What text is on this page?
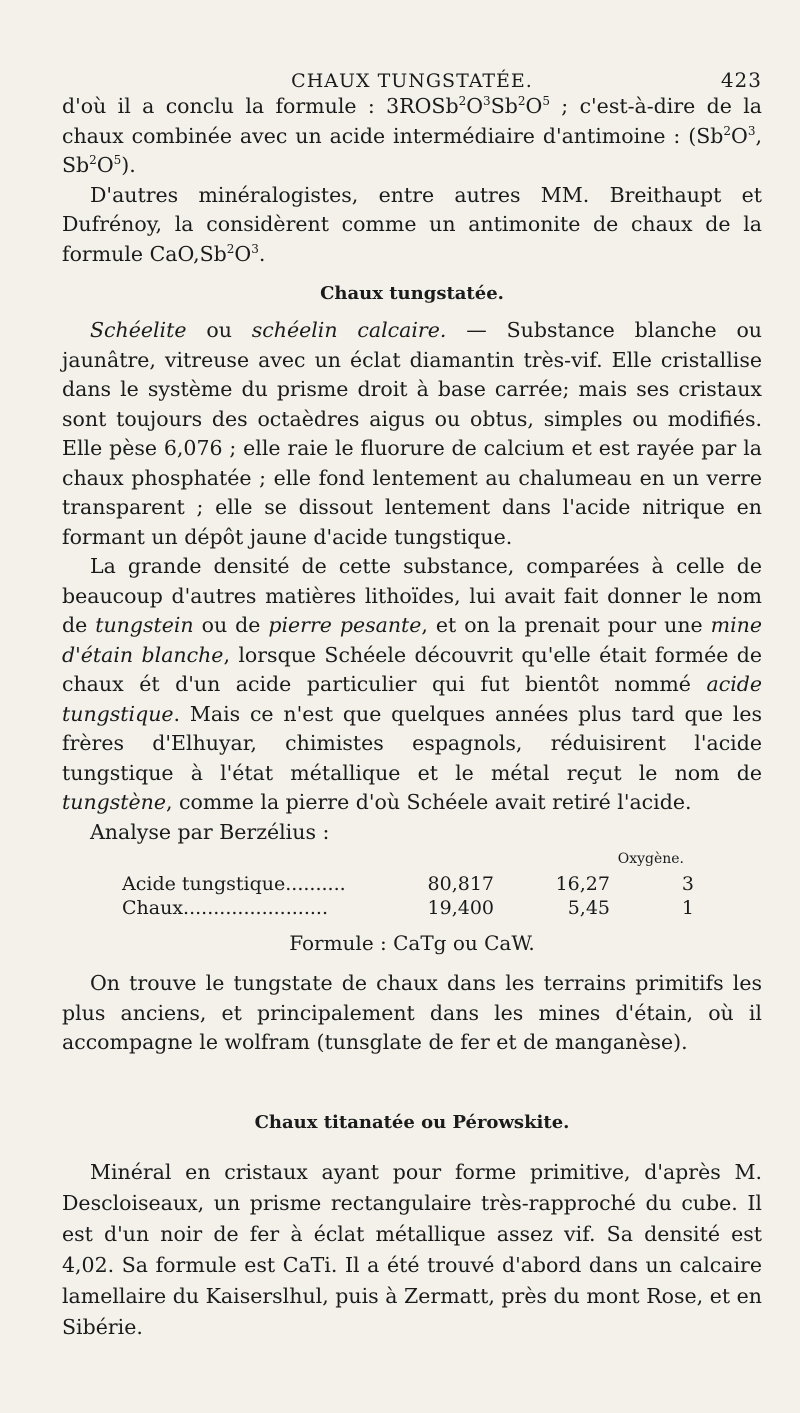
CHAUX TUNGSTATÉE.	423

d'où il a conclu la formule : $3ROSb^2O^3Sb^2O^5$ ; c'est-à-dire de la chaux combinée avec un acide intermédiaire d'antimoine : ($Sb^2O^3$, $Sb^2O^5$).

D'autres minéralogistes, entre autres MM. Breithaupt et Dufrénoy, la considèrent comme un antimonite de chaux de la formule $CaO,Sb^2O^3$.

Chaux tungstatée.

Schéelite ou schéelin calcaire. — Substance blanche ou jaunâtre, vitreuse avec un éclat diamantin très-vif. Elle cristallise dans le système du prisme droit à base carrée; mais ses cristaux sont toujours des octaèdres aigus ou obtus, simples ou modifiés. Elle pèse 6,076 ; elle raie le fluorure de calcium et est rayée par la chaux phosphatée ; elle fond lentement au chalumeau en un verre transparent ; elle se dissout lentement dans l'acide nitrique en formant un dépôt jaune d'acide tungstique.

La grande densité de cette substance, comparées à celle de beaucoup d'autres matières lithoïdes, lui avait fait donner le nom de tungstein ou de pierre pesante, et on la prenait pour une mine d'étain blanche, lorsque Schéele découvrit qu'elle était formée de chaux ét d'un acide particulier qui fut bientôt nommé acide tungstique. Mais ce n'est que quelques années plus tard que les frères d'Elhuyar, chimistes espagnols, réduisirent l'acide tungstique à l'état métallique et le métal reçut le nom de tungstène, comme la pierre d'où Schéele avait retiré l'acide.

Analyse par Berzélius :

Oxygène.
Acide tungstique..........	80,817	16,27	3
Chaux........................	19,400	5,45	1
Formule : CaTg ou CaW.

On trouve le tungstate de chaux dans les terrains primitifs les plus anciens, et principalement dans les mines d'étain, où il accompagne le wolfram (tunsglate de fer et de manganèse).

Chaux titanatée ou Pérowskite.

Minéral en cristaux ayant pour forme primitive, d'après M. Descloiseaux, un prisme rectangulaire très-rapproché du cube. Il est d'un noir de fer à éclat métallique assez vif. Sa densité est 4,02. Sa formule est CaTi. Il a été trouvé d'abord dans un calcaire lamellaire du Kaiserslhul, puis à Zermatt, près du mont Rose, et en Sibérie.
